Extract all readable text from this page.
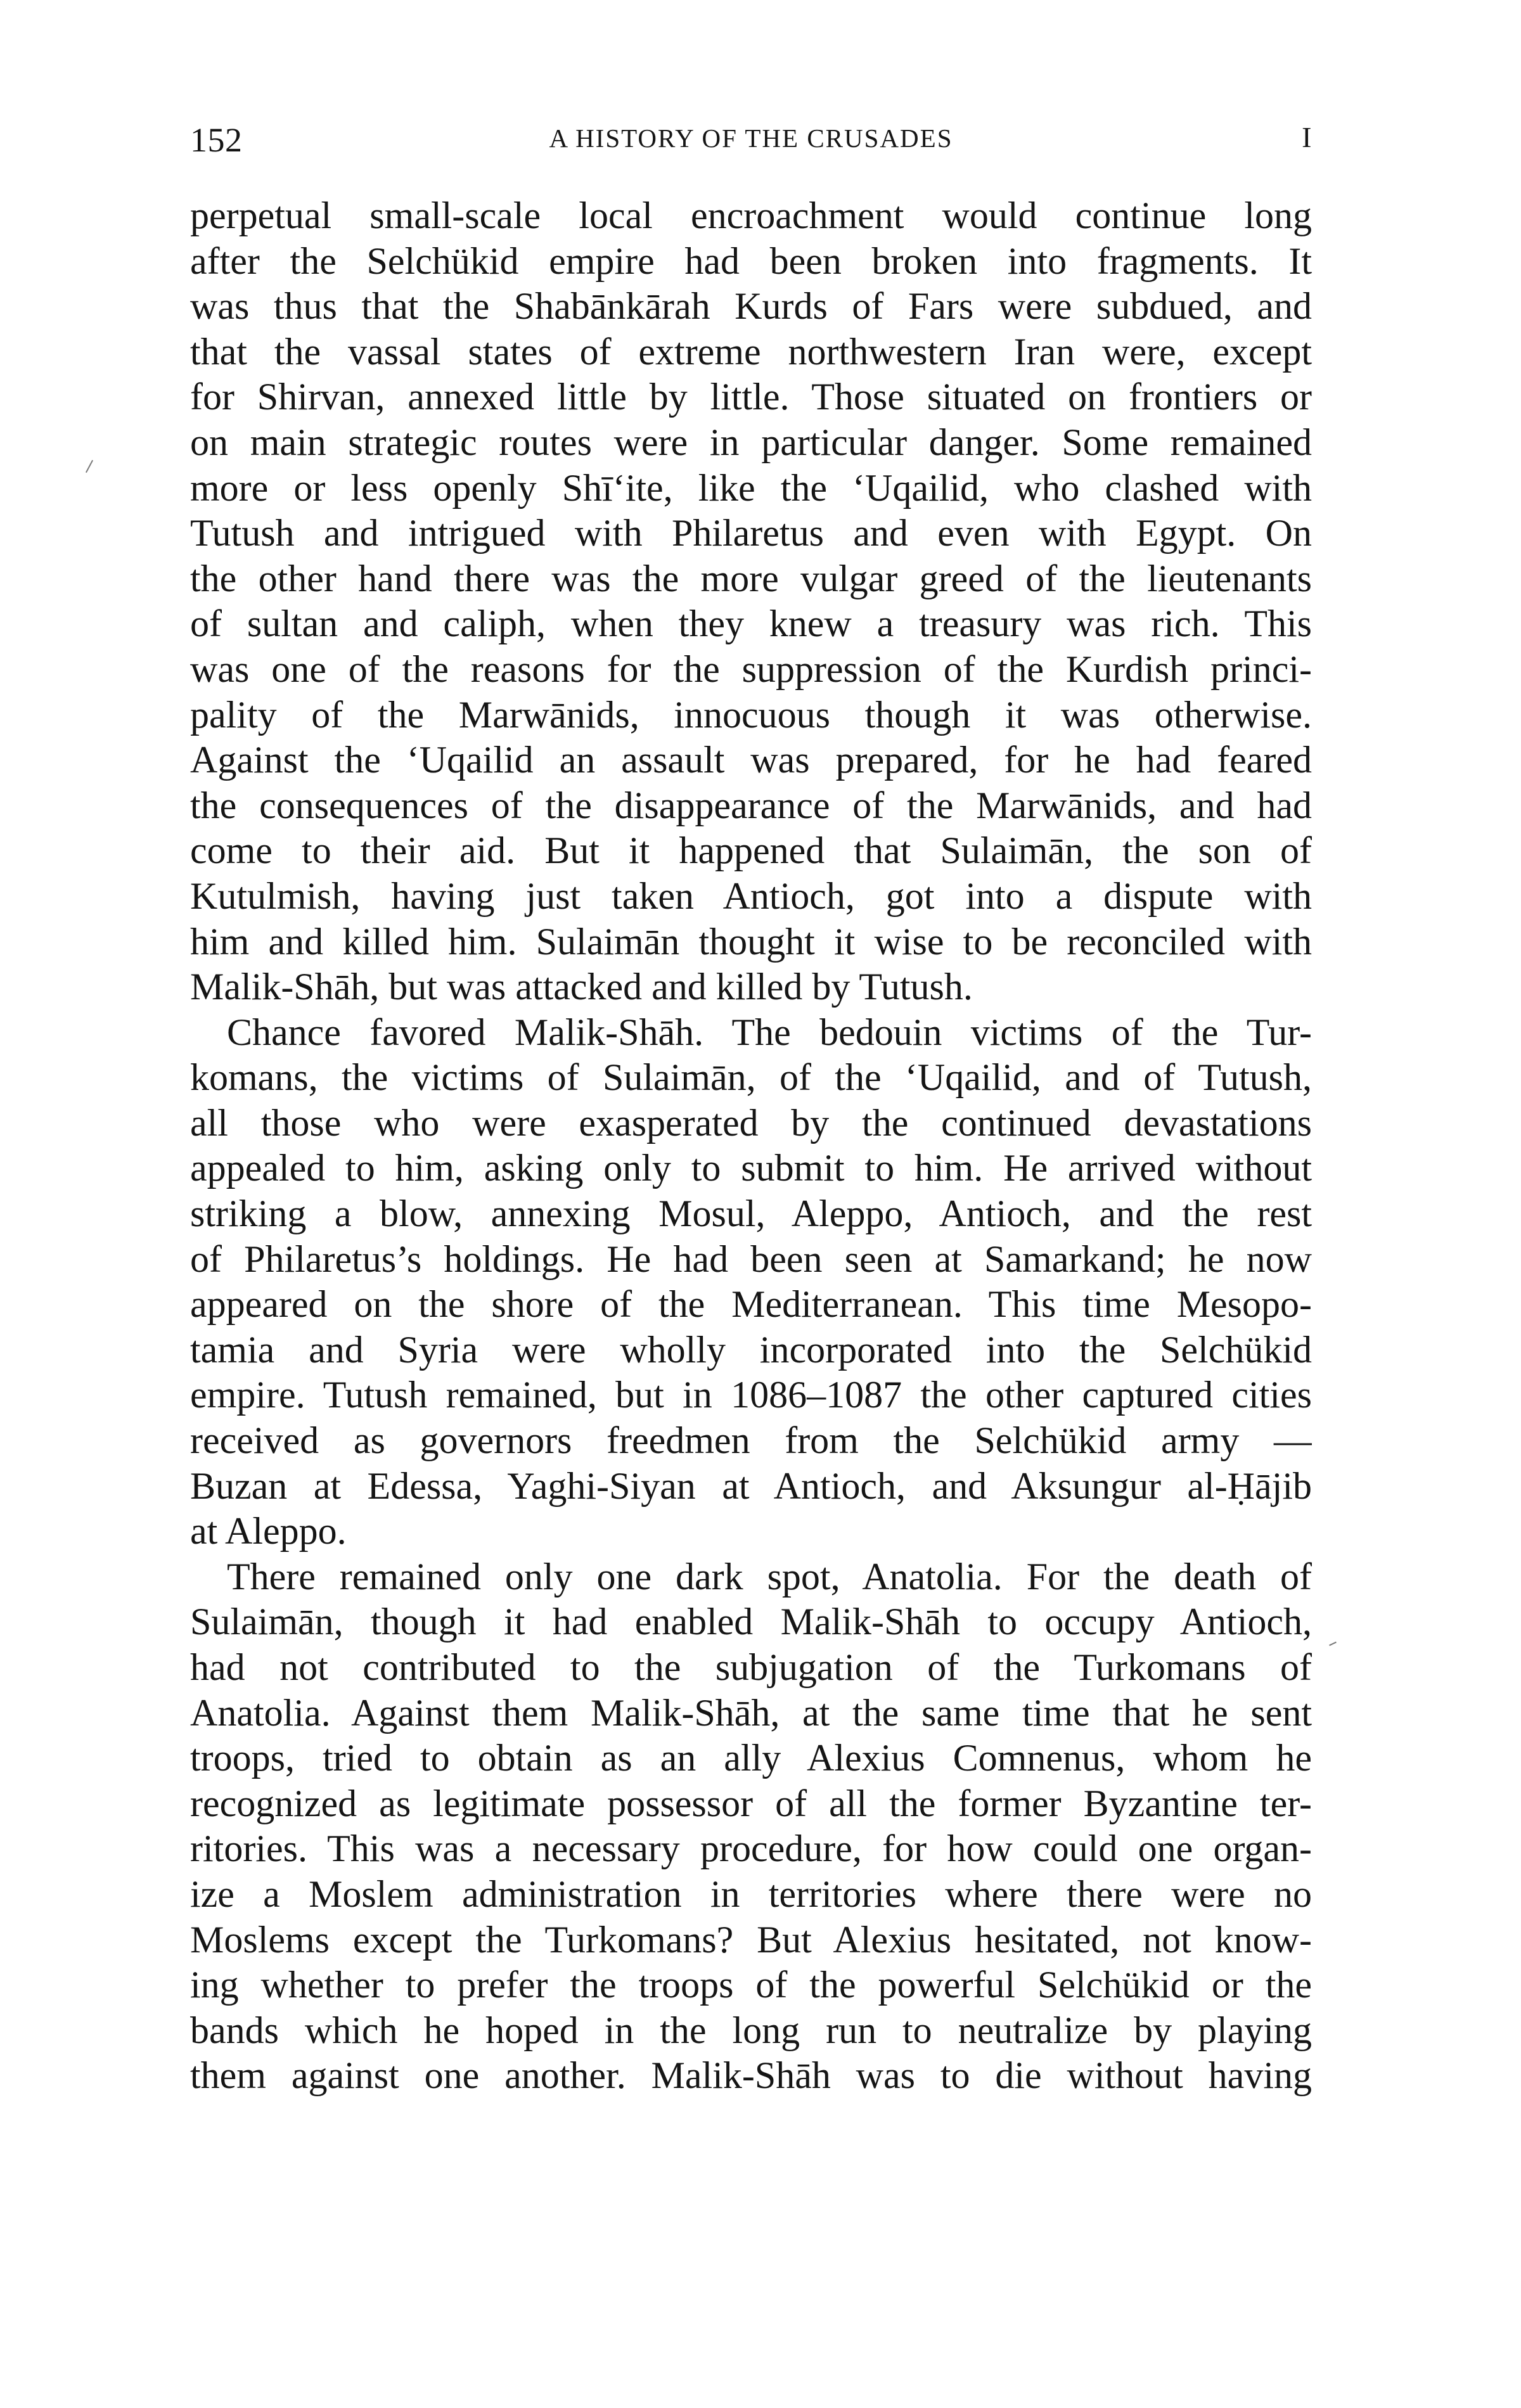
152	A HISTORY OF THE CRUSADES	I
perpetual small-scale local encroachment would continue long
after the Selchükid empire had been broken into fragments. It
was thus that the Shabānkārah Kurds of Fars were subdued, and
that the vassal states of extreme northwestern Iran were, except
for Shirvan, annexed little by little. Those situated on frontiers or
on main strategic routes were in particular danger. Some remained
more or less openly Shī‘ite, like the ‘Uqailid, who clashed with
Tutush and intrigued with Philaretus and even with Egypt. On
the other hand there was the more vulgar greed of the lieutenants
of sultan and caliph, when they knew a treasury was rich. This
was one of the reasons for the suppression of the Kurdish princi-
pality of the Marwānids, innocuous though it was otherwise.
Against the ‘Uqailid an assault was prepared, for he had feared
the consequences of the disappearance of the Marwānids, and had
come to their aid. But it happened that Sulaimān, the son of
Kutulmish, having just taken Antioch, got into a dispute with
him and killed him. Sulaimān thought it wise to be reconciled with
Malik-Shāh, but was attacked and killed by Tutush.
Chance favored Malik-Shāh. The bedouin victims of the Tur-
komans, the victims of Sulaimān, of the ‘Uqailid, and of Tutush,
all those who were exasperated by the continued devastations
appealed to him, asking only to submit to him. He arrived without
striking a blow, annexing Mosul, Aleppo, Antioch, and the rest
of Philaretus’s holdings. He had been seen at Samarkand; he now
appeared on the shore of the Mediterranean. This time Mesopo-
tamia and Syria were wholly incorporated into the Selchükid
empire. Tutush remained, but in 1086–1087 the other captured cities
received as governors freedmen from the Selchükid army —
Buzan at Edessa, Yaghi-Siyan at Antioch, and Aksungur al-Ḥājib
at Aleppo.
There remained only one dark spot, Anatolia. For the death of
Sulaimān, though it had enabled Malik-Shāh to occupy Antioch,
had not contributed to the subjugation of the Turkomans of
Anatolia. Against them Malik-Shāh, at the same time that he sent
troops, tried to obtain as an ally Alexius Comnenus, whom he
recognized as legitimate possessor of all the former Byzantine ter-
ritories. This was a necessary procedure, for how could one organ-
ize a Moslem administration in territories where there were no
Moslems except the Turkomans? But Alexius hesitated, not know-
ing whether to prefer the troops of the powerful Selchükid or the
bands which he hoped in the long run to neutralize by playing
them against one another. Malik-Shāh was to die without having
